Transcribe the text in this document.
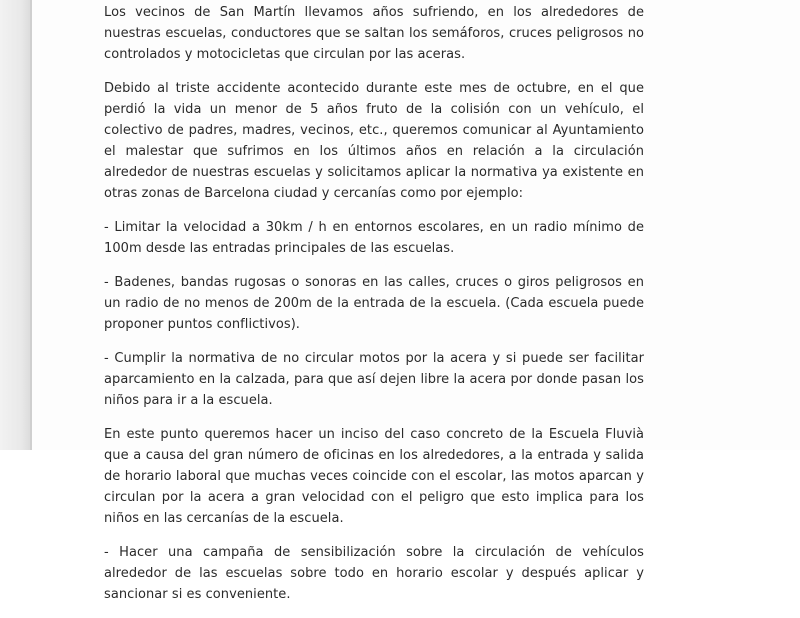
Los vecinos de San Martín llevamos años sufriendo, en los alrededores de nuestras escuelas, conductores que se saltan los semáforos, cruces peligrosos no controlados y motocicletas que circulan por las aceras.

Debido al triste accidente acontecido durante este mes de octubre, en el que perdió la vida un menor de 5 años fruto de la colisión con un vehículo, el colectivo de padres, madres, vecinos, etc., queremos comunicar al Ayuntamiento el malestar que sufrimos en los últimos años en relación a la circulación alrededor de nuestras escuelas y solicitamos aplicar la normativa ya existente en otras zonas de Barcelona ciudad y cercanías como por ejemplo:

- Limitar la velocidad a 30km / h en entornos escolares, en un radio mínimo de 100m desde las entradas principales de las escuelas.

- Badenes, bandas rugosas o sonoras en las calles, cruces o giros peligrosos en un radio de no menos de 200m de la entrada de la escuela. (Cada escuela puede proponer puntos conflictivos).

- Cumplir la normativa de no circular motos por la acera y si puede ser facilitar aparcamiento en la calzada, para que así dejen libre la acera por donde pasan los niños para ir a la escuela.

En este punto queremos hacer un inciso del caso concreto de la Escuela Fluvià que a causa del gran número de oficinas en los alrededores, a la entrada y salida de horario laboral que muchas veces coincide con el escolar, las motos aparcan y circulan por la acera a gran velocidad con el peligro que esto implica para los niños en las cercanías de la escuela.

- Hacer una campaña de sensibilización sobre la circulación de vehículos alrededor de las escuelas sobre todo en horario escolar y después aplicar y sancionar si es conveniente.
